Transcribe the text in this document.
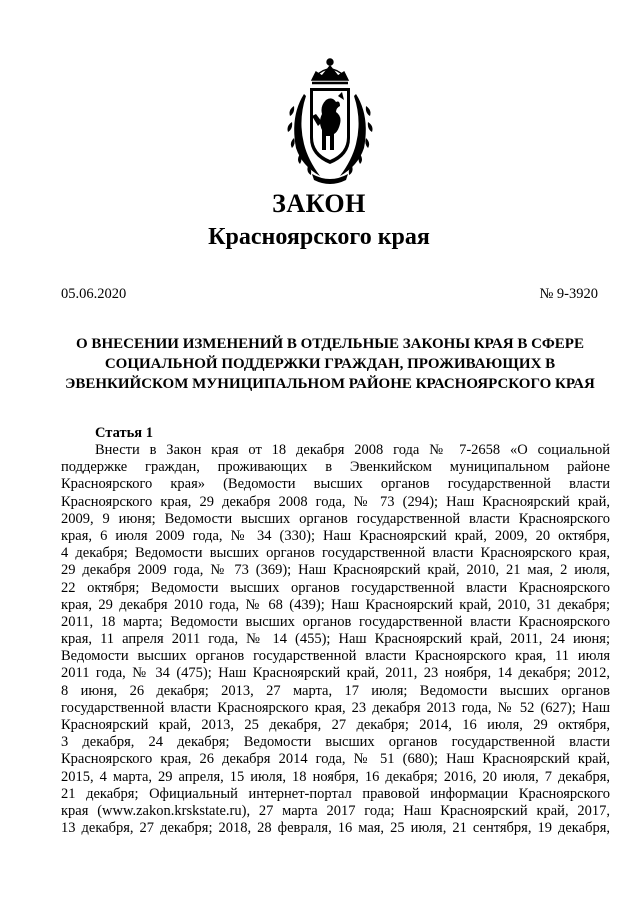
ЗАКОН
Красноярского края
05.06.2020	№ 9-3920
О ВНЕСЕНИИ ИЗМЕНЕНИЙ В ОТДЕЛЬНЫЕ ЗАКОНЫ КРАЯ В СФЕРЕ
СОЦИАЛЬНОЙ ПОДДЕРЖКИ ГРАЖДАН, ПРОЖИВАЮЩИХ В
ЭВЕНКИЙСКОМ МУНИЦИПАЛЬНОМ РАЙОНЕ КРАСНОЯРСКОГО КРАЯ
Статья 1
Внести в Закон края от 18 декабря 2008 года № 7-2658 «О социальной
поддержке граждан, проживающих в Эвенкийском муниципальном районе
Красноярского края» (Ведомости высших органов государственной власти
Красноярского края, 29 декабря 2008 года, № 73 (294); Наш Красноярский край,
2009, 9 июня; Ведомости высших органов государственной власти Красноярского
края, 6 июля 2009 года, № 34 (330); Наш Красноярский край, 2009, 20 октября,
4 декабря; Ведомости высших органов государственной власти Красноярского края,
29 декабря 2009 года, № 73 (369); Наш Красноярский край, 2010, 21 мая, 2 июля,
22 октября; Ведомости высших органов государственной власти Красноярского
края, 29 декабря 2010 года, № 68 (439); Наш Красноярский край, 2010, 31 декабря;
2011, 18 марта; Ведомости высших органов государственной власти Красноярского
края, 11 апреля 2011 года, № 14 (455); Наш Красноярский край, 2011, 24 июня;
Ведомости высших органов государственной власти Красноярского края, 11 июля
2011 года, № 34 (475); Наш Красноярский край, 2011, 23 ноября, 14 декабря; 2012,
8 июня, 26 декабря; 2013, 27 марта, 17 июля; Ведомости высших органов
государственной власти Красноярского края, 23 декабря 2013 года, № 52 (627); Наш
Красноярский край, 2013, 25 декабря, 27 декабря; 2014, 16 июля, 29 октября,
3 декабря, 24 декабря; Ведомости высших органов государственной власти
Красноярского края, 26 декабря 2014 года, № 51 (680); Наш Красноярский край,
2015, 4 марта, 29 апреля, 15 июля, 18 ноября, 16 декабря; 2016, 20 июля, 7 декабря,
21 декабря; Официальный интернет-портал правовой информации Красноярского
края (www.zakon.krskstate.ru), 27 марта 2017 года; Наш Красноярский край, 2017,
13 декабря, 27 декабря; 2018, 28 февраля, 16 мая, 25 июля, 21 сентября, 19 декабря,
